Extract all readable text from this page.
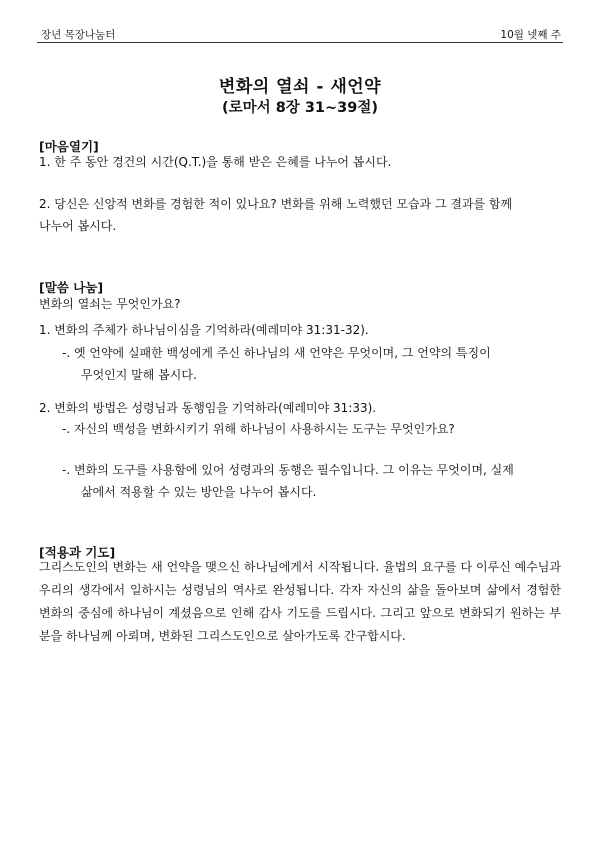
장년 목장나눔터	10월 넷째 주
변화의 열쇠 - 새언약
(로마서 8장 31~39절)
[마음열기]
1. 한 주 동안 경건의 시간(Q.T.)을 통해 받은 은혜를 나누어 봅시다.
2. 당신은 신앙적 변화를 경험한 적이 있나요? 변화를 위해 노력했던 모습과 그 결과를 함께
나누어 봅시다.
[말씀 나눔]
변화의 열쇠는 무엇인가요?
1. 변화의 주체가 하나님이심을 기억하라(예레미야 31:31-32).
-. 옛 언약에 실패한 백성에게 주신 하나님의 새 언약은 무엇이며, 그 언약의 특징이
무엇인지 말해 봅시다.
2. 변화의 방법은 성령님과 동행임을 기억하라(예레미야 31:33).
-. 자신의 백성을 변화시키기 위해 하나님이 사용하시는 도구는 무엇인가요?
-. 변화의 도구를 사용함에 있어 성령과의 동행은 필수입니다. 그 이유는 무엇이며, 실제
삶에서 적용할 수 있는 방안을 나누어 봅시다.
[적용과 기도]
그리스도인의 변화는 새 언약을 맺으신 하나님에게서 시작됩니다. 율법의 요구를 다 이루신 예수님과 우리의 생각에서 일하시는 성령님의 역사로 완성됩니다. 각자 자신의 삶을 돌아보며 삶에서 경험한 변화의 중심에 하나님이 계셨음으로 인해 감사 기도를 드립시다. 그리고 앞으로 변화되기 원하는 부분을 하나님께 아뢰며, 변화된 그리스도인으로 살아가도록 간구합시다.
